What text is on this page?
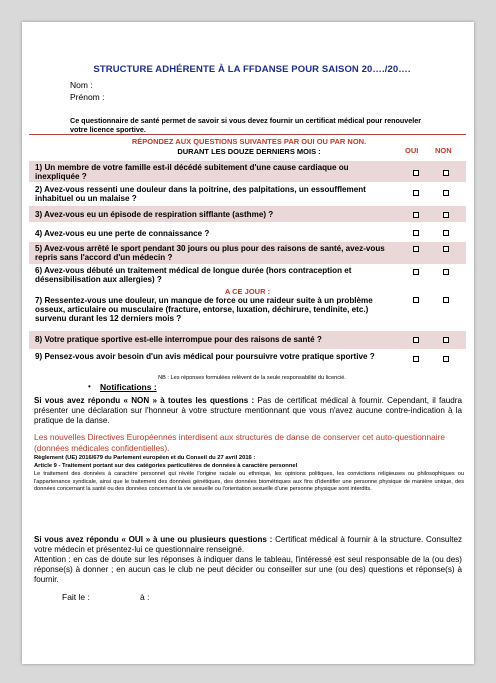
STRUCTURE ADHÉRENTE À LA FFDANSE POUR SAISON 20…./20….
Nom :
Prénom :
Ce questionnaire de santé permet de savoir si vous devez fournir un certificat médical pour renouveler votre licence sportive.
RÉPONDEZ AUX QUESTIONS SUIVANTES PAR OUI OU PAR NON.
DURANT LES DOUZE DERNIERS MOIS :	OUI NON
1) Un membre de votre famille est-il décédé subitement d'une cause cardiaque ou inexpliquée ?
2) Avez-vous ressenti une douleur dans la poitrine, des palpitations, un essoufflement inhabituel ou un malaise ?
3) Avez-vous eu un épisode de respiration sifflante (asthme) ?
4) Avez-vous eu une perte de connaissance ?
5) Avez-vous arrêté le sport pendant 30 jours ou plus pour des raisons de santé, avez-vous repris sans l'accord d'un médecin ?
6) Avez-vous débuté un traitement médical de longue durée (hors contraception et désensibilisation aux allergies) ?
A CE JOUR :
7) Ressentez-vous une douleur, un manque de force ou une raideur suite à un problème osseux, articulaire ou musculaire (fracture, entorse, luxation, déchirure, tendinite, etc.) survenu durant les 12 derniers mois ?
8) Votre pratique sportive est-elle interrompue pour des raisons de santé ?
9) Pensez-vous avoir besoin d'un avis médical pour poursuivre votre pratique sportive ?
NB : Les réponses formulées relèvent de la seule responsabilité du licencié.
• Notifications :
Si vous avez répondu « NON » à toutes les questions : Pas de certificat médical à fournir. Cependant, il faudra présenter une déclaration sur l'honneur à votre structure mentionnant que vous n'avez aucune contre-indication à la pratique de la danse.
Les nouvelles Directives Européennes interdisent aux structures de danse de conserver cet auto-questionnaire (données médicales confidentielles).
Règlement (UE) 2016/679 du Parlement européen et du Conseil du 27 avril 2016 :
Article 9 - Traitement portant sur des catégories particulières de données à caractère personnel
Le traitement des données à caractère personnel qui révèle l'origine raciale ou ethnique, les opinions politiques, les convictions religieuses ou philosophiques ou l'appartenance syndicale, ainsi que le traitement des données génétiques, des données biométriques aux fins d'identifier une personne physique de manière unique, des données concernant la santé ou des données concernant la vie sexuelle ou l'orientation sexuelle d'une personne physique sont interdits.
Si vous avez répondu « OUI » à une ou plusieurs questions : Certificat médical à fournir à la structure. Consultez votre médecin et présentez-lui ce questionnaire renseigné.
Attention : en cas de doute sur les réponses à indiquer dans le tableau, l'intéressé est seul responsable de la (ou des) réponse(s) à donner ; en aucun cas le club ne peut décider ou conseiller sur une (ou des) questions et réponse(s) à fournir.
Fait le :	à :
